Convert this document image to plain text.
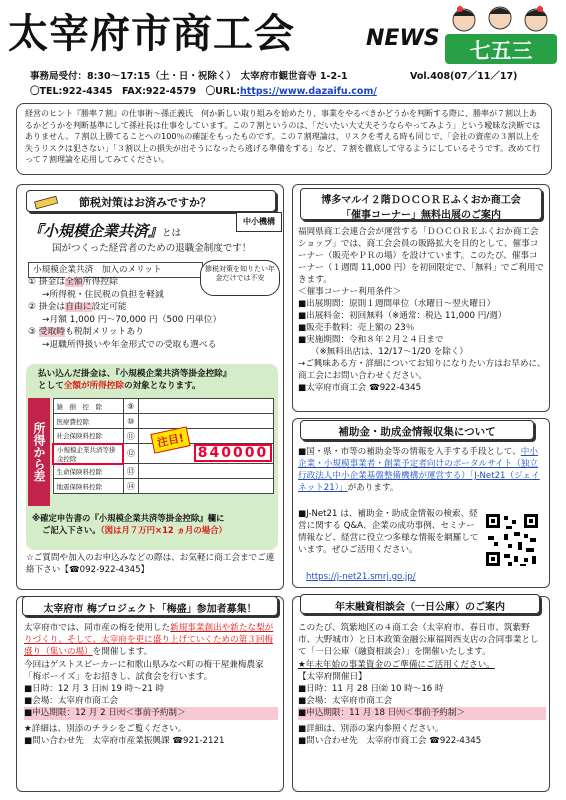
太宰府市商工会	NEWS	七五三
事務局受付：8:30～17:15（土・日・祝除く）　太宰府市観世音寺 1-2-1
〇TEL:922-4345　FAX:922-4579　〇URL:https://www.dazaifu.com/
Vol.408(07／11／17)
経営のヒント『勝率７割』の仕事術～孫正義氏　何か新しい取り組みを始めたり、事業をやるべきかどうかを判断する際に、勝率が７割以上あるかどうかを判断基準にして孫社長は仕事をしています。この７割というのは、「だいたい大丈夫そうならやってみよう」という曖昧な決断ではありません。７割以上勝てることへの100％の確証をもったものです。この７割理論は、リスクを考える時も同じで、「会社の資産の３割以上を失うリスクは犯さない」「３割以上の損失が出そうになったら逃げる準備をする」など、７割を徹底して守るようにしているそうです。改めて行って７割理論を応用してみてください。
節税対策はお済みですか？
中小機構
『小規模企業共済』
とは
国がつくった経営者のための退職金制度です！
小規模企業共済　加入のメリット
① 掛金は全額所得控除
→所得税・住民税の負担を軽減
② 掛金は自由に設定可能
→月額 1,000 円～70,000 円（500 円単位）
③ 受取時も税制メリットあり
→退職所得扱いや年金形式での受取も選べる
節税対策を知りたい年金だけでは不安
払い込んだ掛金は、『小規模企業共済等掛金控除』
として全額が所得控除の対象となります。
所得から差
雑　損　控　除	⑨	
医療費控除	⑩	
社会保険料控除	⑪	
小規模企業共済等掛金控除	⑫	
生命保険料控除	⑬	
地震保険料控除	⑭	
注目!
840000
※確定申告書の『小規模企業共済等掛金控除』欄に
ご記入下さい。（図は月７万円×12 ヵ月の場合）
☆ご質問や加入のお申込みなどの際は、お気軽に商工会までご連絡下さい【☎092-922-4345】
博多マルイ２階ＤＯＣＯＲＥふくおか商工会
「催事コーナー」無料出展のご案内
福岡県商工会連合会が運営する「ＤＯＣＯＲＥふくおか商工会ショップ」では、商工会会員の販路拡大を目的として、催事コーナー（販売やＰＲの場）を設けています。このたび、催事コーナー（１週間 11,000 円）を初回限定で、「無料」でご利用できます。
＜催事コーナー利用条件＞
■出展期間：原則１週間単位（水曜日～翌火曜日）
■出展料金：初回無料（※通常：税込 11,000 円/週）
■販売手数料：売上額の 23％
■実施期間：令和８年２月２４日まで
　　（※無料出店は、12/17～1/20 を除く）
→ご興味ある方・詳細についてお知りになりたい方はお早めに、商工会にお問い合わせください。
■太宰府市商工会 ☎922-4345
補助金・助成金情報収集について
■国・県・市等の補助金等の情報を入手する手段として、中小企業・小規模事業者・創業予定者向けのポータルサイト（独立行政法人中小企業基盤整備機構が運営する）「J-Net21（ジェイネット21）」があります。
■J-Net21 は、補助金・助成金情報の検索、経営に関する Q&A、企業の成功事例、セミナー情報など、経営に役立つ多様な情報を網羅しています。ぜひご活用ください。
https://j-net21.smrj.go.jp/
太宰府市 梅プロジェクト「梅盛」参加者募集！
太宰府市では、同市産の梅を使用した新規事業創出や新たな梨がりづくり、そして、太宰府を更に盛り上げていくための第３回梅盛り（集いの場）を開催します。
今回はゲストスピーカーに和歌山県みなべ町の梅干屋兼梅農家「梅ボーイズ」をお招きし、試食会を行います。
■日時：12 月 3 日㈬ 19 時～21 時
■会場：太宰府市商工会
■申込期限：12 月 2 日㈫＜事前予約制＞
★詳細は、別添のチラシをご覧ください。
■問い合わせ先　太宰府市産業振興課 ☎921-2121
年末融資相談会（一日公庫）のご案内
このたび、筑紫地区の４商工会（太宰府市、春日市、筑紫野市、大野城市）と日本政策金融公庫福岡西支店の合同事業として「一日公庫（融資相談会）」を開催いたします。
★年末年始の事業資金のご準備にご活用ください。
【太宰府開催日】
■日時：11 月 28 日㈮ 10 時～16 時
■会場：太宰府市商工会
■申込期限：11 月 18 日㈫＜事前予約制＞
■詳細は、別添の案内参照ください。
■問い合わせ先　太宰府市商工会 ☎922-4345
